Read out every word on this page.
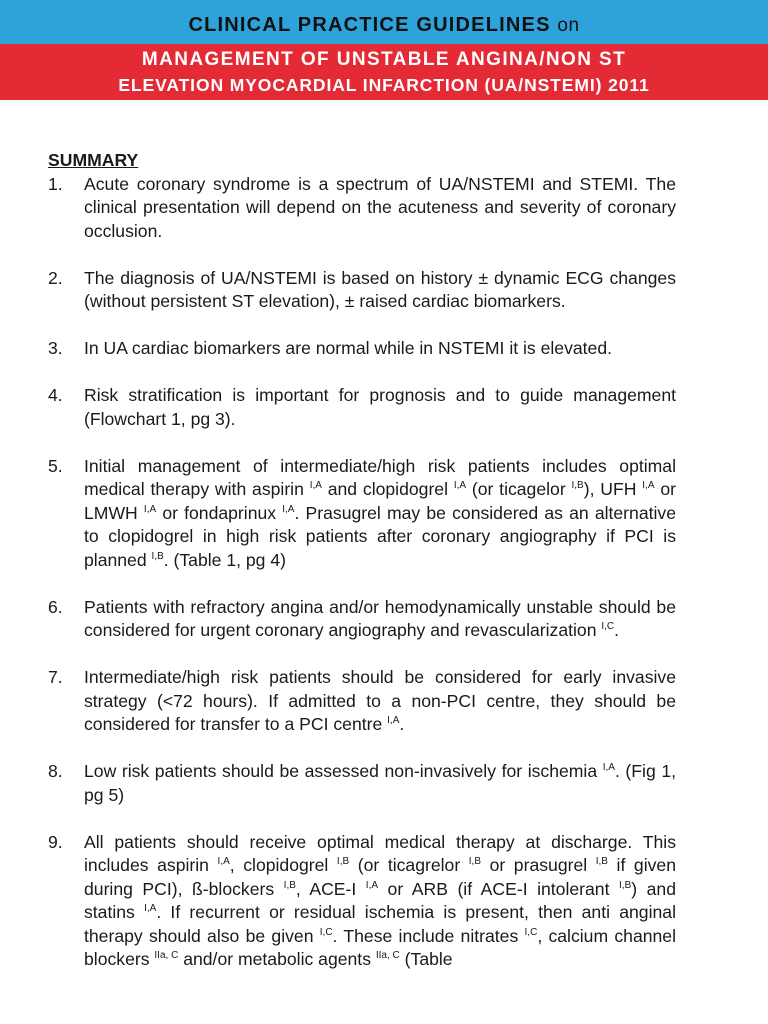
CLINICAL PRACTICE GUIDELINES on
MANAGEMENT OF UNSTABLE ANGINA/NON ST
ELEVATION MYOCARDIAL INFARCTION (UA/NSTEMI) 2011
SUMMARY
1. Acute coronary syndrome is a spectrum of UA/NSTEMI and STEMI. The clinical presentation will depend on the acuteness and severity of coronary occlusion.
2. The diagnosis of UA/NSTEMI is based on history ± dynamic ECG changes (without persistent ST elevation), ± raised cardiac biomarkers.
3. In UA cardiac biomarkers are normal while in NSTEMI it is elevated.
4. Risk stratification is important for prognosis and to guide management (Flowchart 1, pg 3).
5. Initial management of intermediate/high risk patients includes optimal medical therapy with aspirin $^{I,A}$ and clopidogrel $^{I,A}$ (or ticagelor $^{I,B}$), UFH $^{I,A}$ or LMWH $^{I,A}$ or fondaprinux $^{I,A}$. Prasugrel may be considered as an alternative to clopidogrel in high risk patients after coronary angiography if PCI is planned $^{I,B}$. (Table 1, pg 4)
6. Patients with refractory angina and/or hemodynamically unstable should be considered for urgent coronary angiography and revascularization $^{I,C}$.
7. Intermediate/high risk patients should be considered for early invasive strategy (<72 hours). If admitted to a non-PCI centre, they should be considered for transfer to a PCI centre $^{I,A}$.
8. Low risk patients should be assessed non-invasively for ischemia $^{I,A}$. (Fig 1, pg 5)
9. All patients should receive optimal medical therapy at discharge. This includes aspirin $^{I,A}$, clopidogrel $^{I,B}$ (or ticagrelor $^{I,B}$ or prasugrel $^{I,B}$ if given during PCI), ß-blockers $^{I,B}$, ACE-I $^{I,A}$ or ARB (if ACE-I intolerant $^{I,B}$) and statins $^{I,A}$. If recurrent or residual ischemia is present, then anti anginal therapy should also be given $^{I,C}$. These include nitrates $^{I,C}$, calcium channel blockers $^{IIa, C}$ and/or metabolic agents $^{IIa, C}$ (Table
